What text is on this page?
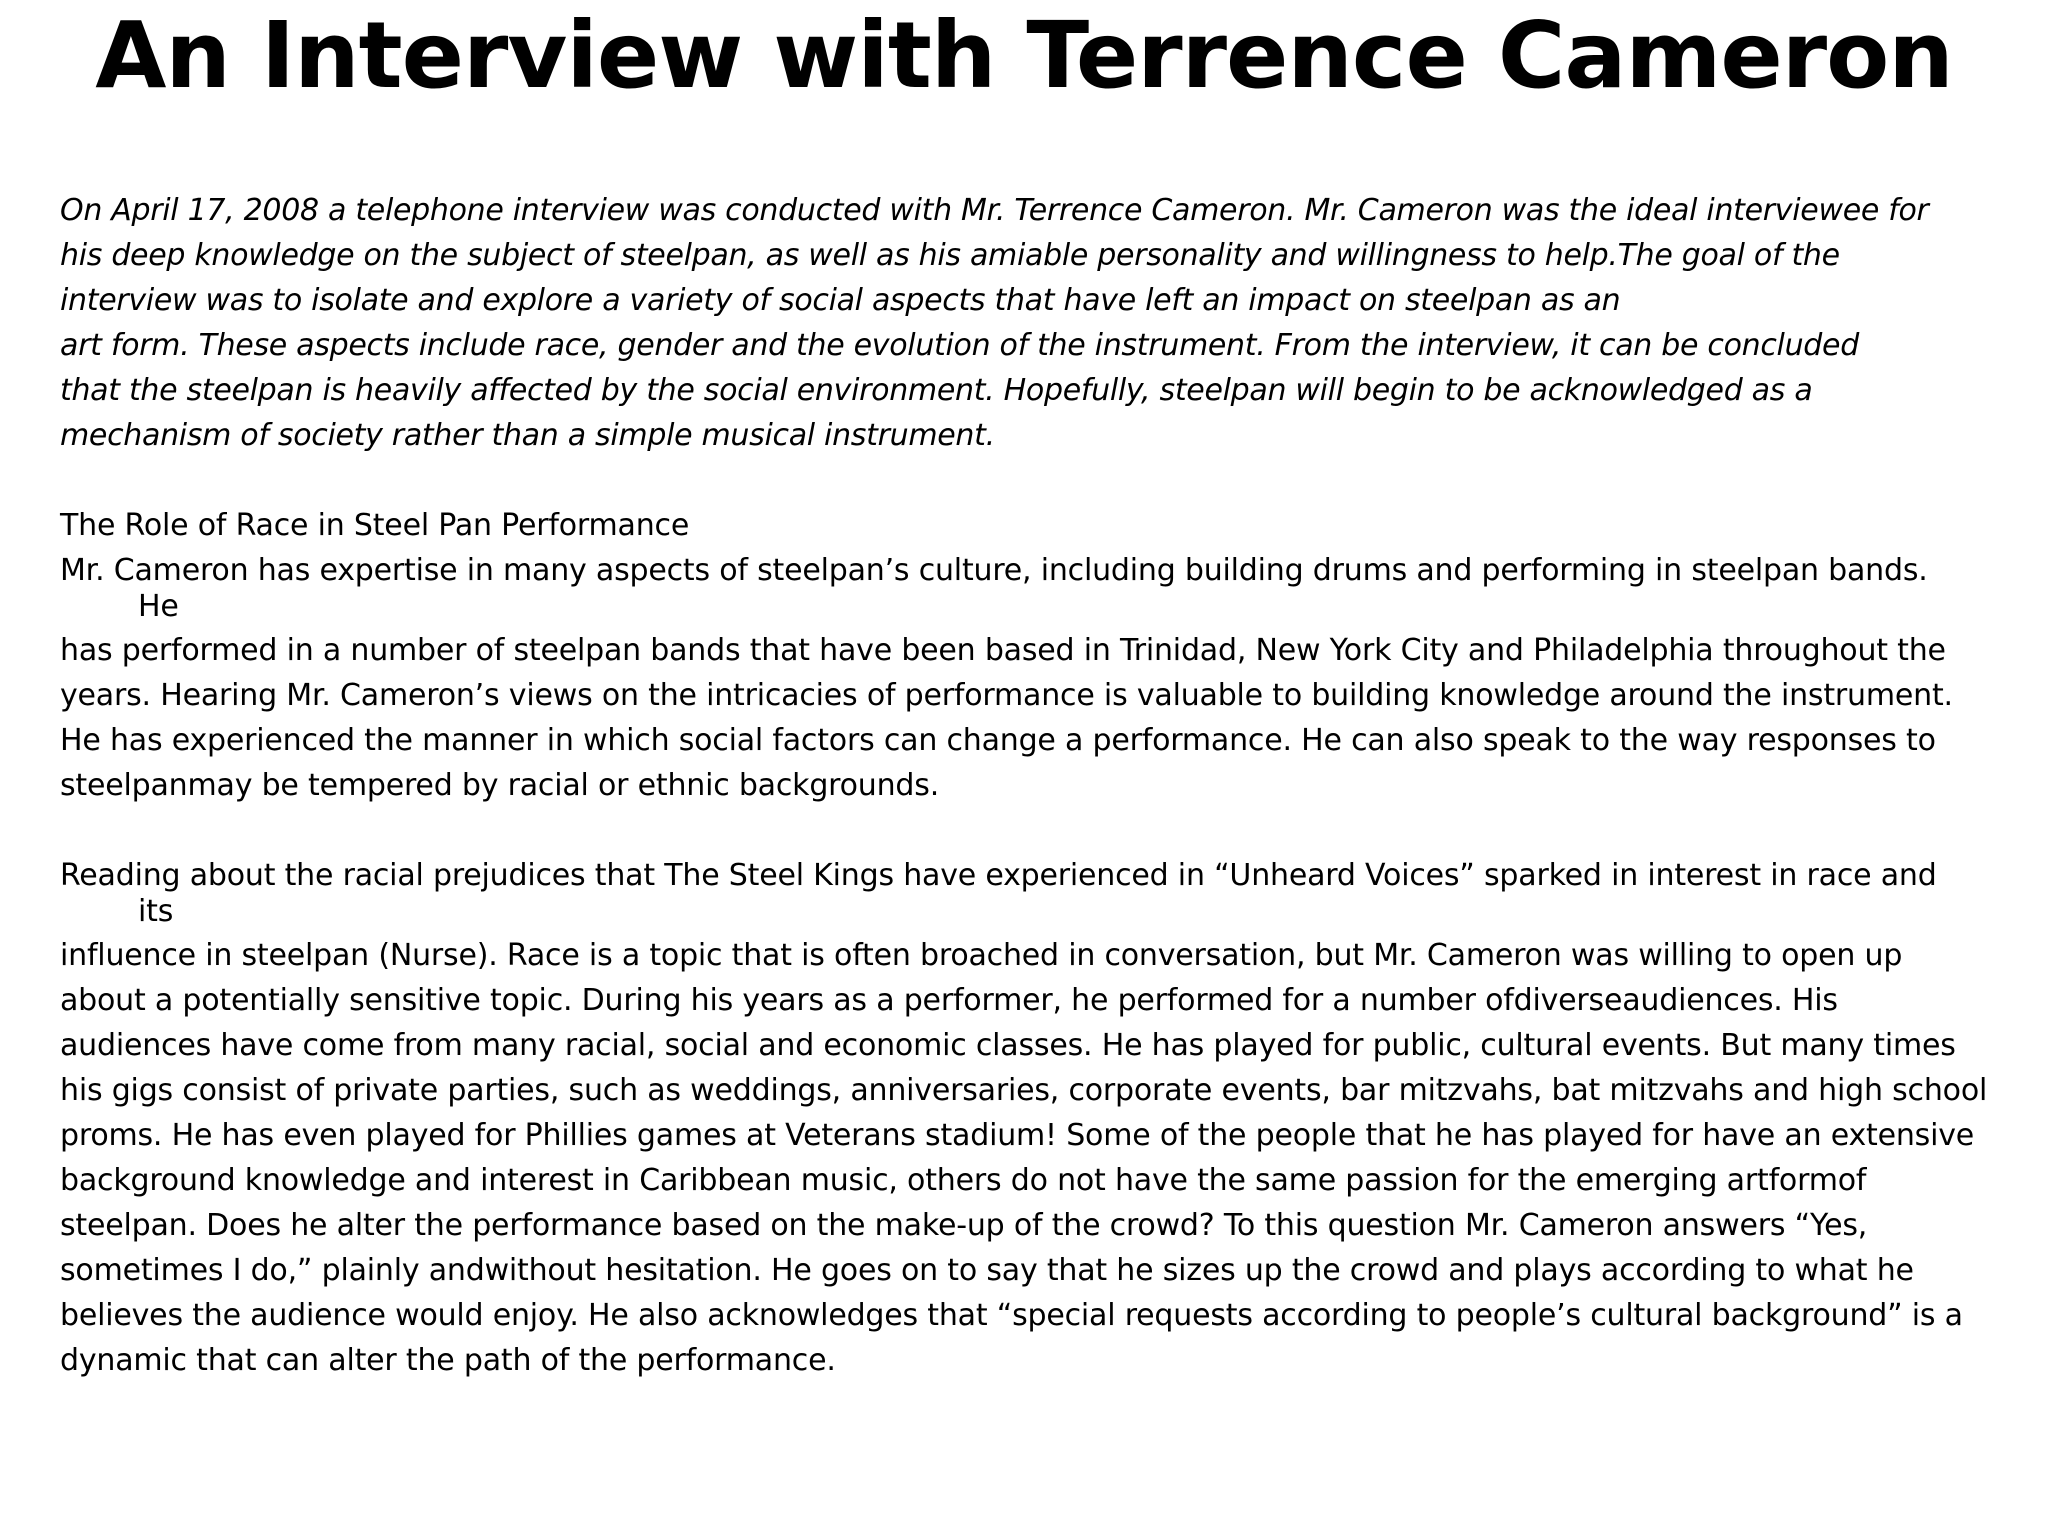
An Interview with Terrence Cameron
On April 17, 2008 a telephone interview was conducted with Mr. Terrence Cameron. Mr. Cameron was the ideal interviewee for
his deep knowledge on the subject of steelpan, as well as his amiable personality and willingness to help.The goal of the
interview was to isolate and explore a variety of social aspects that have left an impact on steelpan as an
art form. These aspects include race, gender and the evolution of the instrument. From the interview, it can be concluded
that the steelpan is heavily affected by the social environment. Hopefully, steelpan will begin to be acknowledged as a
mechanism of society rather than a simple musical instrument.
The Role of Race in Steel Pan Performance
Mr. Cameron has expertise in many aspects of steelpan’s culture, including building drums and performing in steelpan bands.
He
has performed in a number of steelpan bands that have been based in Trinidad, New York City and Philadelphia throughout the
years. Hearing Mr. Cameron’s views on the intricacies of performance is valuable to building knowledge around the instrument.
He has experienced the manner in which social factors can change a performance. He can also speak to the way responses to
steelpanmay be tempered by racial or ethnic backgrounds.
Reading about the racial prejudices that The Steel Kings have experienced in “Unheard Voices” sparked in interest in race and
its
influence in steelpan (Nurse). Race is a topic that is often broached in conversation, but Mr. Cameron was willing to open up
about a potentially sensitive topic. During his years as a performer, he performed for a number ofdiverseaudiences. His
audiences have come from many racial, social and economic classes. He has played for public, cultural events. But many times
his gigs consist of private parties, such as weddings, anniversaries, corporate events, bar mitzvahs, bat mitzvahs and high school
proms. He has even played for Phillies games at Veterans stadium! Some of the people that he has played for have an extensive
background knowledge and interest in Caribbean music, others do not have the same passion for the emerging artformof
steelpan. Does he alter the performance based on the make-up of the crowd? To this question Mr. Cameron answers “Yes,
sometimes I do,” plainly andwithout hesitation. He goes on to say that he sizes up the crowd and plays according to what he
believes the audience would enjoy. He also acknowledges that “special requests according to people’s cultural background” is a
dynamic that can alter the path of the performance.
